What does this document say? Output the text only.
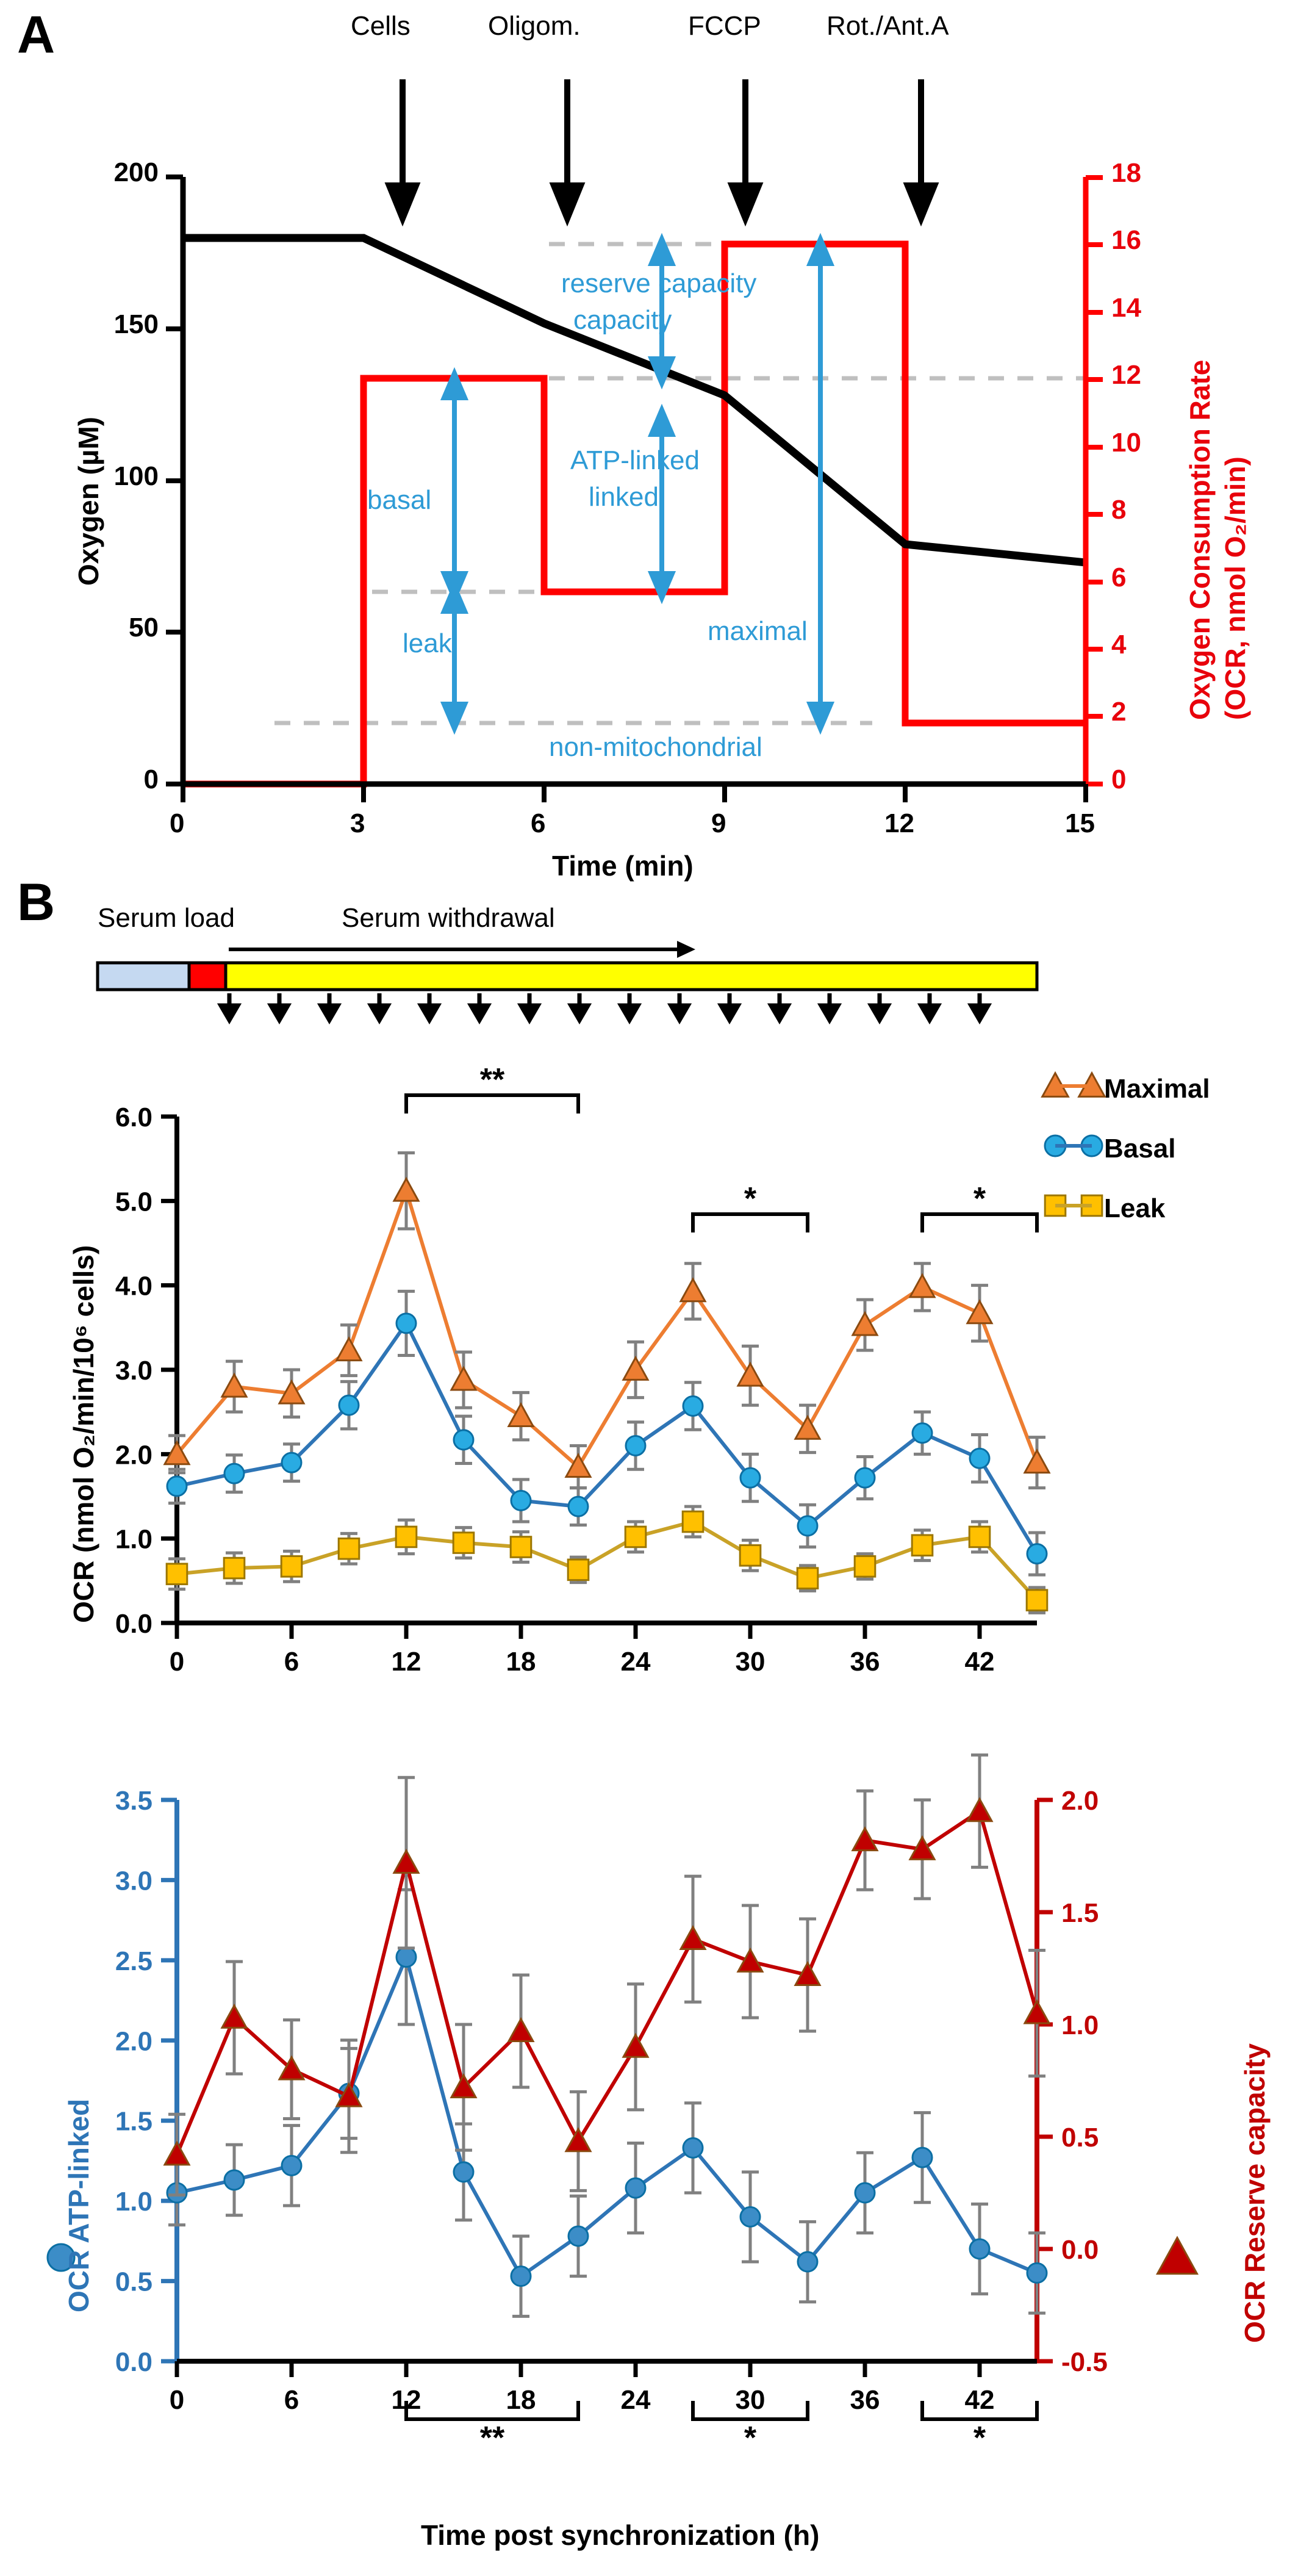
A	Cells	Oligom.	FCCP Rot./Ant.A
200
150
100
50
0	0
2
4
6
8
10
12
14
16
18
0	3	6	9	12	15
Time (min)
Oxygen (µM)	Oxygen Consumption Rate (OCR, nmol O₂/min)
reserve capacity
capacity
ATP-linked
linked
basal
leak	maximal
non-mitochondrial
B Serum load	Serum withdrawal
0.0
1.0
2.0
3.0
4.0
5.0
6.0
0	6	12	18	24	30	36	42
**
*	*
OCR (nmol O₂/min/10⁶ cells)
Maximal
Basal
Leak
0.0
0.5
1.0
1.5
2.0
2.5
3.0
3.5
-0.5
0.0
0.5
1.0
1.5
2.0
0	6	12	18	24	30	36	42
**	*	*
OCR ATP-linked	OCR Reserve capacity
Time post synchronization (h)
